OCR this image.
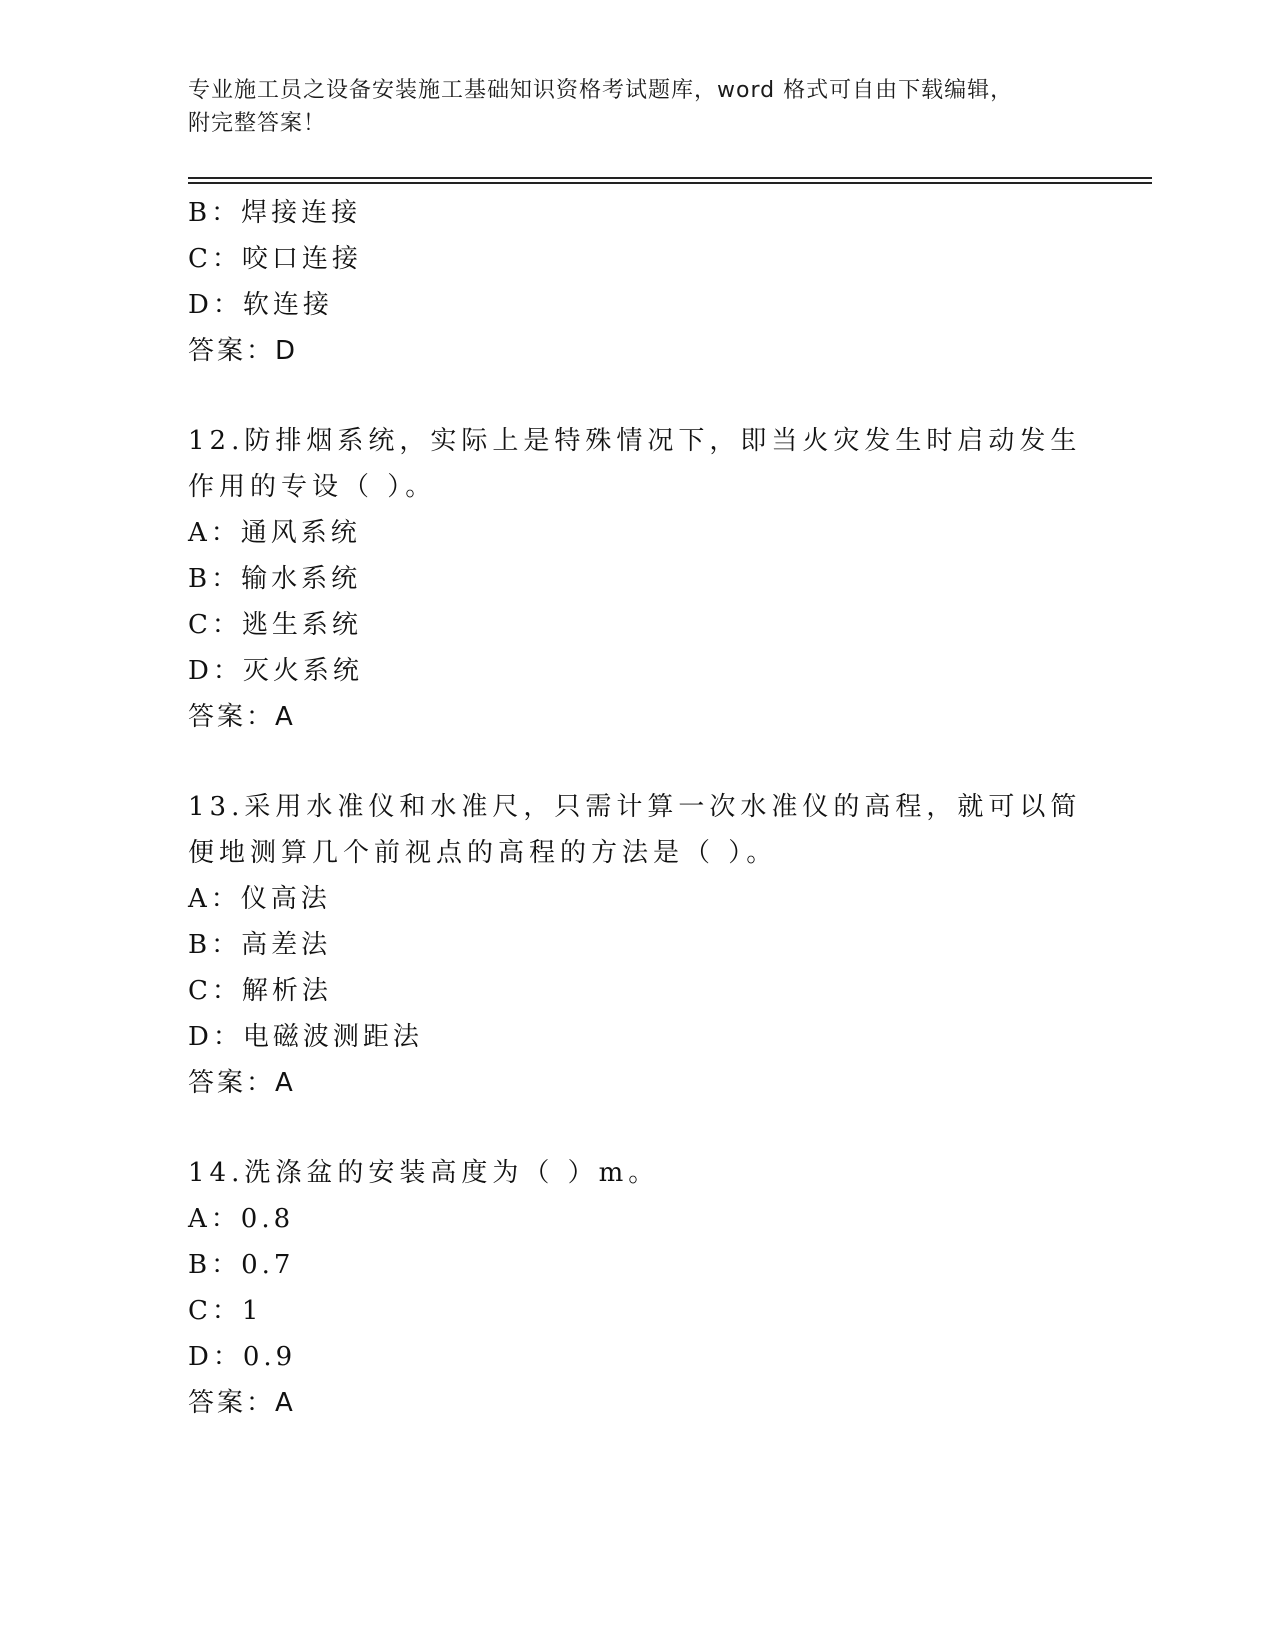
专业施工员之设备安装施工基础知识资格考试题库，word 格式可自由下载编辑，
附完整答案！
B：焊接连接
C：咬口连接
D：软连接
答案：D
12.防排烟系统，实际上是特殊情况下，即当火灾发生时启动发生作用的专设（ ）。
A：通风系统
B：输水系统
C：逃生系统
D：灭火系统
答案：A
13.采用水准仪和水准尺，只需计算一次水准仪的高程，就可以简便地测算几个前视点的高程的方法是（ ）。
A：仪高法
B：高差法
C：解析法
D：电磁波测距法
答案：A
14.洗涤盆的安装高度为（ ）m。
A：0.8
B：0.7
C：1
D：0.9
答案：A
